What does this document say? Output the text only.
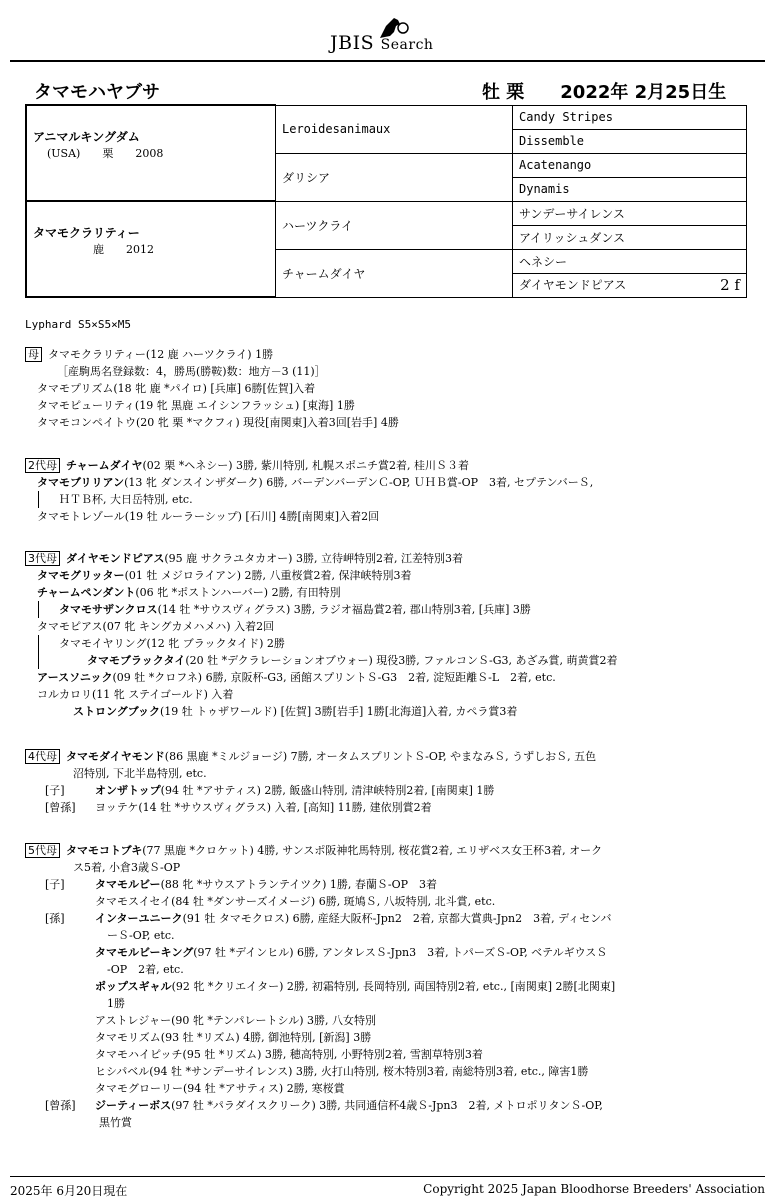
JBIS Search
タマモハヤブサ	牡 栗　　2022年 2月25日生
アニマルキングダム
(USA)　　栗　　2008	Leroidesanimaux	Candy Stripes
		Dissemble
	ダリシア	Acatenango
		Dynamis

タマモクラリティー
鹿　　2012	ハーツクライ	サンデーサイレンス
		アイリッシュダンス
	チャームダイヤ	ヘネシー
		ダイヤモンドピアス 2 f
Lyphard S5×S5×M5
母 タマモクラリティー(12 鹿 ハーツクライ) 1勝
［産駒馬名登録数：4，勝馬(勝鞍)数：地方－3 (11)］
タマモプリズム(18 牝 鹿 *パイロ) [兵庫] 6勝[佐賀]入着
タマモピューリティ(19 牝 黒鹿 エイシンフラッシュ) [東海] 1勝
タマモコンペイトウ(20 牝 栗 *マクフィ) 現役[南関東]入着3回[岩手] 4勝
2代母 チャームダイヤ(02 栗 *ヘネシー) 3勝, 紫川特別, 札幌スポニチ賞2着, 桂川Ｓ３着
タマモブリリアン(13 牝 ダンスインザダーク) 6勝, バーデンバーデンＣ-OP, ＵＨＢ賞-OP　3着, セプテンバーＳ,
ＨＴＢ杯, 大日岳特別, etc.
タマモトレゾール(19 牡 ルーラーシップ) [石川] 4勝[南関東]入着2回
3代母 ダイヤモンドピアス(95 鹿 サクラユタカオー) 3勝, 立待岬特別2着, 江差特別3着
タマモグリッター(01 牡 メジロライアン) 2勝, 八重桜賞2着, 保津峡特別3着
チャームペンダント(06 牝 *ポストンハーバー) 2勝, 有田特別
タマモサザンクロス(14 牡 *サウスヴィグラス) 3勝, ラジオ福島賞2着, 郡山特別3着, [兵庫] 3勝
タマモピアス(07 牝 キングカメハメハ) 入着2回
タマモイヤリング(12 牝 ブラックタイド) 2勝
タマモブラックタイ(20 牡 *デクラレーションオブウォー) 現役3勝, ファルコンＳ-G3, あざみ賞, 萌黄賞2着
アースソニック(09 牡 *クロフネ) 6勝, 京阪杯-G3, 函館スプリントＳ-G3　2着, 淀短距離Ｓ-L　2着, etc.
コルカロリ(11 牝 ステイゴールド) 入着
ストロングブック(19 牡 トゥザワールド) [佐賀] 3勝[岩手] 1勝[北海道]入着, カペラ賞3着
4代母 タマモダイヤモンド(86 黒鹿 *ミルジョージ) 7勝, オータムスプリントＳ-OP, やまなみＳ, うずしおＳ, 五色
沼特別, 下北半島特別, etc.
[子]	オンザトップ(94 牡 *アサティス) 2勝, 飯盛山特別, 清津峡特別2着, [南関東] 1勝
[曾孫] ヨッテケ(14 牡 *サウスヴィグラス) 入着, [高知] 11勝, 建依別賞2着
5代母 タマモコトブキ(77 黒鹿 *クロケット) 4勝, サンスポ阪神牝馬特別, 桜花賞2着, エリザベス女王杯3着, オーク
ス5着, 小倉3歳Ｓ-OP
[子]	タマモルビー(88 牝 *サウスアトランテイツク) 1勝, 春蘭Ｓ-OP　3着
タマモスイセイ(84 牡 *ダンサーズイメージ) 6勝, 斑鳩Ｓ, 八坂特別, 北斗賞, etc.
[孫]	インターユニーク(91 牡 タマモクロス) 6勝, 産経大阪杯-Jpn2　2着, 京都大賞典-Jpn2　3着, ディセンバ
ーＳ-OP, etc.
タマモルビーキング(97 牡 *デインヒル) 6勝, アンタレスＳ-Jpn3　3着, トパーズＳ-OP, ベテルギウスＳ
-OP　2着, etc.
ポップスギャル(92 牝 *クリエイター) 2勝, 初霜特別, 長岡特別, 両国特別2着, etc., [南関東] 2勝[北関東]
1勝
アストレジャー(90 牝 *テンパレートシル) 3勝, 八女特別
タマモリズム(93 牡 *リズム) 4勝, 御池特別, [新潟] 3勝
タマモハイピッチ(95 牡 *リズム) 3勝, 穂高特別, 小野特別2着, 雪割草特別3着
ヒシパベル(94 牡 *サンデーサイレンス) 3勝, 火打山特別, 桜木特別3着, 南総特別3着, etc., 障害1勝
タマモグローリー(94 牡 *アサティス) 2勝, 寒桜賞
[曾孫] ジーティーボス(97 牡 *パラダイスクリーク) 3勝, 共同通信杯4歳Ｓ-Jpn3　2着, メトロポリタンＳ-OP,
黒竹賞
2025年 6月20日現在	Copyright 2025 Japan Bloodhorse Breeders' Association
